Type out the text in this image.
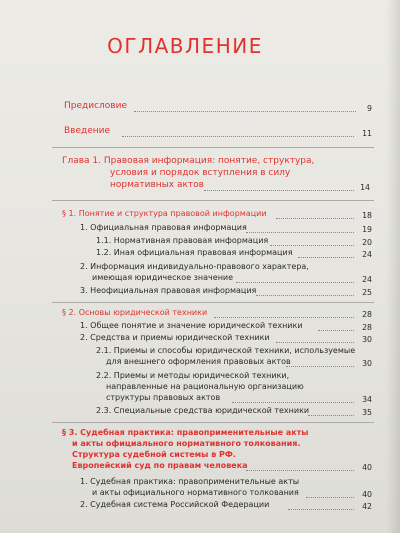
ОГЛАВЛЕНИЕ
Предисловие	9
Введение	11
Глава 1. Правовая информация: понятие, структура,
условия и порядок вступления в силу
нормативных актов	14
§ 1. Понятие и структура правовой информации	18
1. Официальная правовая информация	19
1.1. Нормативная правовая информация	20
1.2. Иная официальная правовая информация	24
2. Информация индивидуально-правового характера,
имеющая юридическое значение	24
3. Неофициальная правовая информация	25
§ 2. Основы юридической техники	28
1. Общее понятие и значение юридической техники	28
2. Средства и приемы юридической техники	30
2.1. Приемы и способы юридической техники, используемые
для внешнего оформления правовых актов	30
2.2. Приемы и методы юридической техники,
направленные на рациональную организацию
структуры правовых актов	34
2.3. Специальные средства юридической техники	35
§ 3. Судебная практика: правоприменительные акты
и акты официального нормативного толкования.
Структура судебной системы в РФ.
Европейский суд по правам человека	40
1. Судебная практика: правоприменительные акты
и акты официального нормативного толкования	40
2. Судебная система Российской Федерации	42
